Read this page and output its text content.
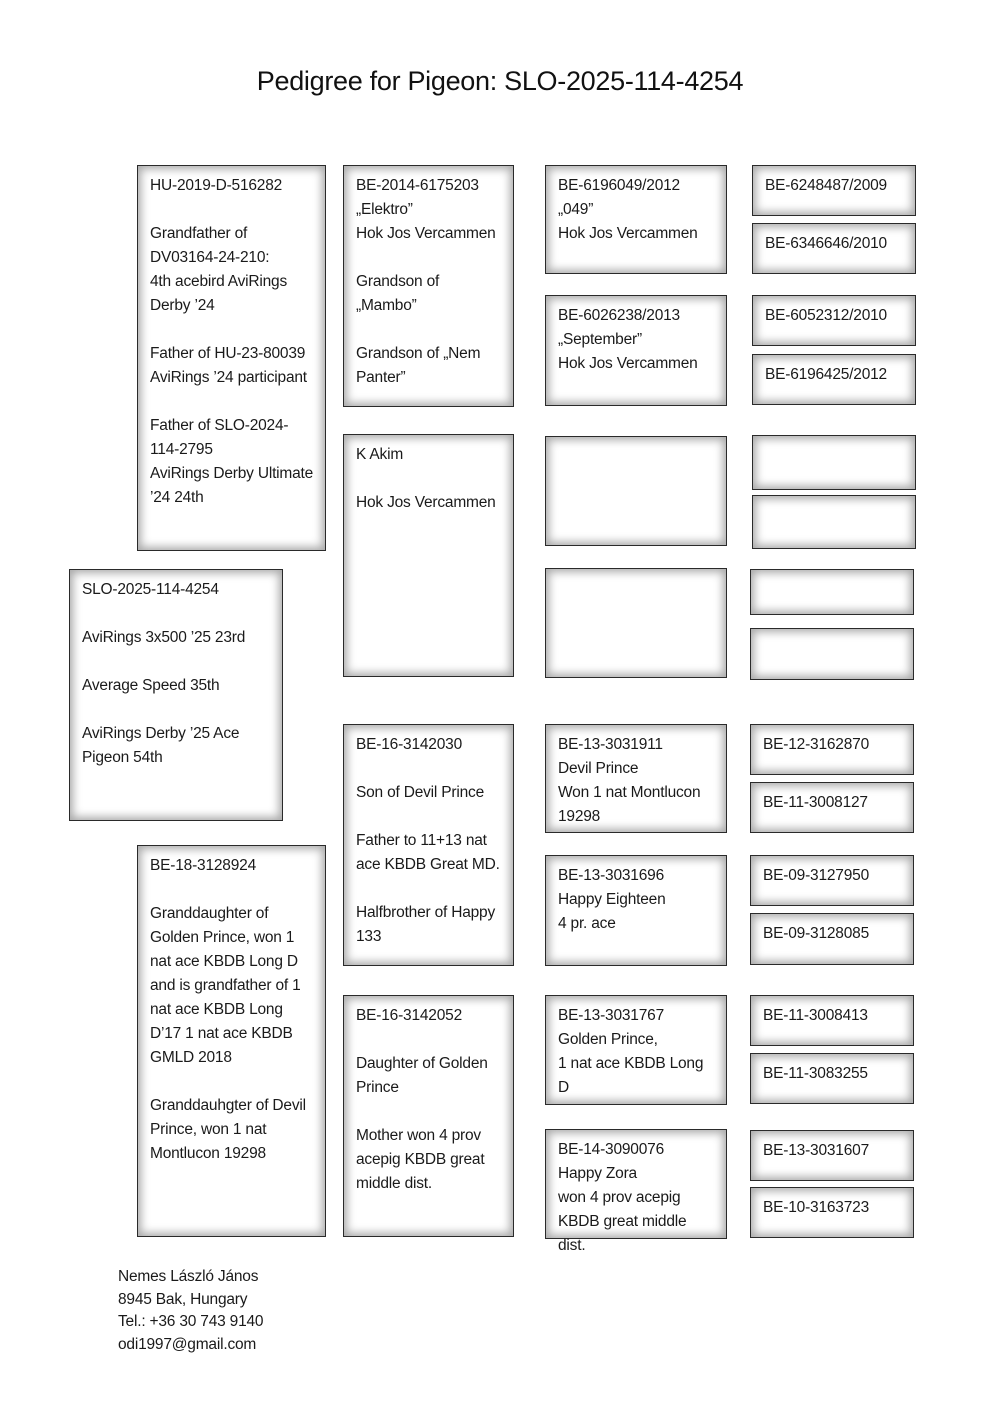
Pedigree for Pigeon: SLO-2025-114-4254

SLO-2025-114-4254

AviRings 3x500 ’25 23rd

Average Speed 35th

AviRings Derby ’25 Ace Pigeon 54th

HU-2019-D-516282

Grandfather of DV03164-24-210:
4th acebird AviRings Derby ’24

Father of HU-23-80039 AviRings ’24 participant

Father of SLO-2024-114-2795
AviRings Derby Ultimate ’24 24th

BE-18-3128924

Granddaughter of Golden Prince, won 1 nat ace KBDB Long D and is grandfather of 1 nat ace KBDB Long D’17 1 nat ace KBDB GMLD 2018

Granddauhgter of Devil Prince, won 1 nat Montlucon 19298

BE-2014-6175203
„Elektro”
Hok Jos Vercammen

Grandson of „Mambo”

Grandson of „Nem Panter”

K Akim

Hok Jos Vercammen

BE-16-3142030

Son of Devil Prince

Father to 11+13 nat ace KBDB Great MD.

Halfbrother of Happy 133

BE-16-3142052

Daughter of Golden Prince

Mother won 4 prov acepig KBDB great middle dist.

BE-6196049/2012

„049”

Hok Jos Vercammen

BE-6026238/2013

„September”

Hok Jos Vercammen

BE-13-3031911

Devil Prince

Won 1 nat Montlucon 19298

BE-13-3031696

Happy Eighteen

4 pr. ace

BE-13-3031767

Golden Prince,

1 nat ace KBDB Long D

BE-14-3090076

Happy Zora

won 4 prov acepig KBDB great middle dist.

BE-6248487/2009

BE-6346646/2010

BE-6052312/2010

BE-6196425/2012

BE-12-3162870

BE-11-3008127

BE-09-3127950

BE-09-3128085

BE-11-3008413

BE-11-3083255

BE-13-3031607

BE-10-3163723

Nemes László János
8945 Bak, Hungary
Tel.: +36 30 743 9140
odi1997@gmail.com
